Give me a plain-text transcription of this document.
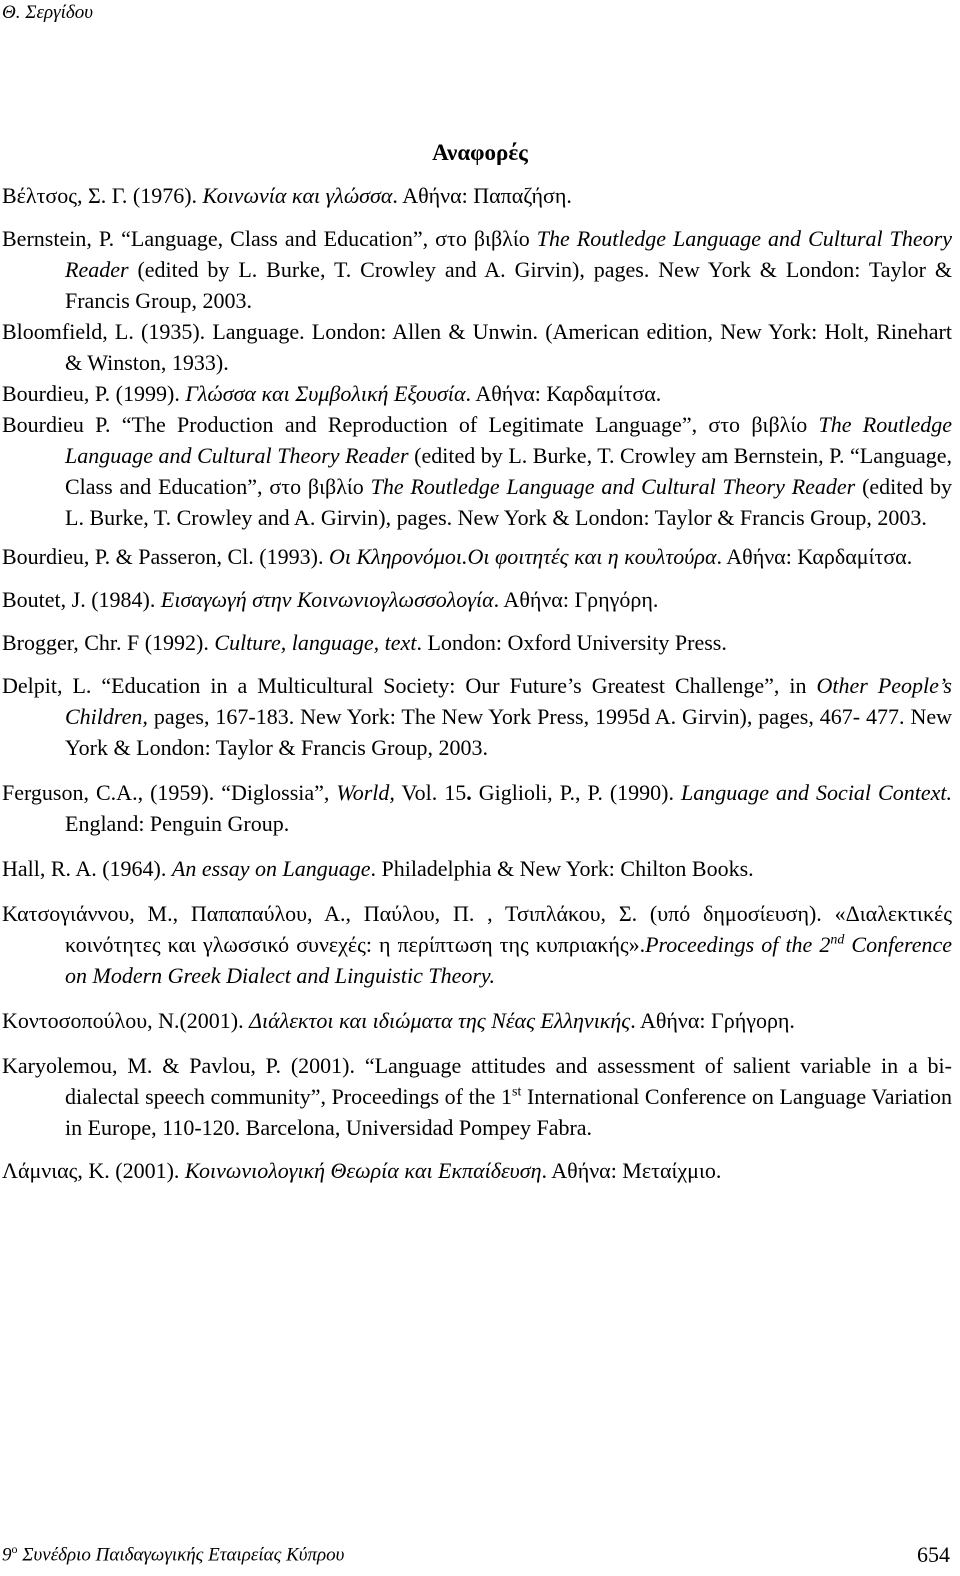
Θ. Σεργίδου
Αναφορές
Βέλτσος, Σ. Γ. (1976). Κοινωνία και γλώσσα. Αθήνα: Παπαζήση.
Bernstein, P. “Language, Class and Education”, στο βιβλίο The Routledge Language and Cultural Theory Reader (edited by L. Burke, T. Crowley and A. Girvin), pages. New York & London: Taylor & Francis Group, 2003.
Bloomfield, L. (1935). Language. London: Allen & Unwin. (American edition, New York: Holt, Rinehart & Winston, 1933).
Bourdieu, P. (1999). Γλώσσα και Συμβολική Εξουσία. Αθήνα: Καρδαμίτσα.
Bourdieu P. “The Production and Reproduction of Legitimate Language”, στο βιβλίο The Routledge Language and Cultural Theory Reader (edited by L. Burke, T. Crowley am Bernstein, P. “Language, Class and Education”, στο βιβλίο The Routledge Language and Cultural Theory Reader (edited by L. Burke, T. Crowley and A. Girvin), pages. New York & London: Taylor & Francis Group, 2003.
Bourdieu, P. & Passeron, Cl. (1993). Οι Κληρονόμοι.Οι φοιτητές και η κουλτούρα. Αθήνα: Καρδαμίτσα.
Boutet, J. (1984). Εισαγωγή στην Κοινωνιογλωσσολογία. Αθήνα: Γρηγόρη.
Brogger, Chr. F (1992). Culture, language, text. London: Oxford University Press.
Delpit, L. “Education in a Multicultural Society: Our Future’s Greatest Challenge”, in Other People’s Children, pages, 167-183. New York: The New York Press, 1995d A. Girvin), pages, 467- 477. New York & London: Taylor & Francis Group, 2003.
Ferguson, C.A., (1959). “Diglossia”, World, Vol. 15. Giglioli, P., P. (1990). Language and Social Context. England: Penguin Group.
Hall, R. A. (1964). An essay on Language. Philadelphia & New York: Chilton Books.
Κατσογιάννου, Μ., Παπαπαύλου, Α., Παύλου, Π. , Τσιπλάκου, Σ. (υπό δημοσίευση). «Διαλεκτικές κοινότητες και γλωσσικό συνεχές: η περίπτωση της κυπριακής».Proceedings of the 2nd Conference on Modern Greek Dialect and Linguistic Theory.
Κοντοσοπούλου, Ν.(2001). Διάλεκτοι και ιδιώματα της Νέας Ελληνικής. Αθήνα: Γρήγορη.
Karyolemou, M. & Pavlou, P. (2001). “Language attitudes and assessment of salient variable in a bi-dialectal speech community”, Proceedings of the 1st International Conference on Language Variation in Europe, 110-120. Barcelona, Universidad Pompey Fabra.
Λάμνιας, Κ. (2001). Κοινωνιολογική Θεωρία και Εκπαίδευση. Αθήνα: Μεταίχμιο.
$9^o$ Συνέδριο Παιδαγωγικής Εταιρείας Κύπρου	654
